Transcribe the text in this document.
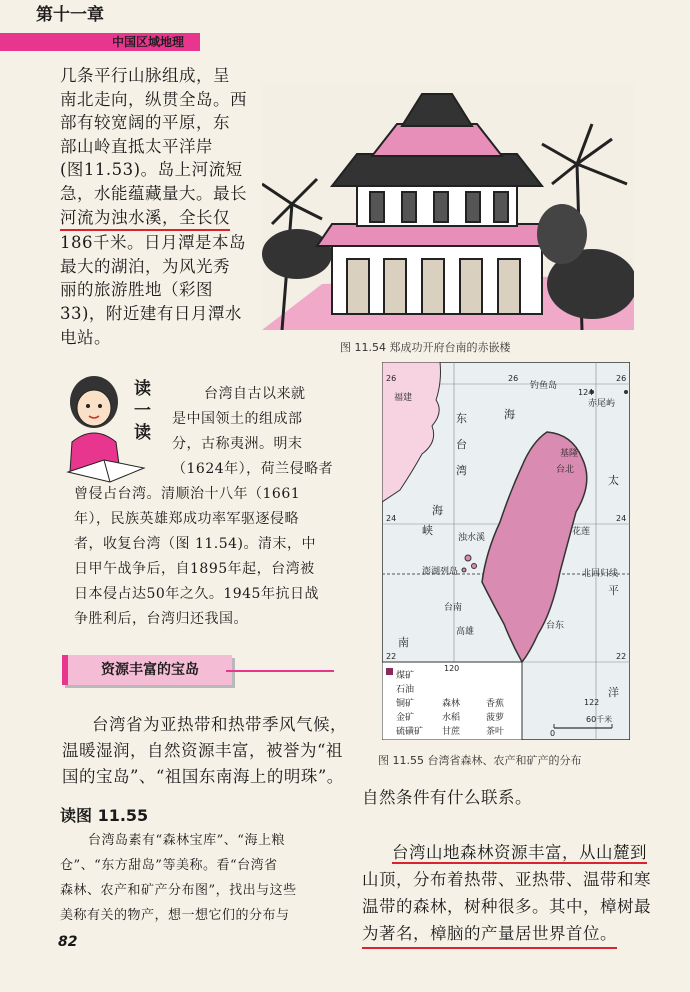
第十一章
中国区域地理
几条平行山脉组成，呈
南北走向，纵贯全岛。西
部有较宽阔的平原，东
部山岭直抵太平洋岸
(图11.53)。岛上河流短
急，水能蕴藏量大。最长
河流为浊水溪，全长仅
186千米。日月潭是本岛
最大的湖泊，为风光秀
丽的旅游胜地（彩图
33)，附近建有日月潭水
电站。
图 11.54 郑成功开府台南的赤嵌楼
读一读
台湾自古以来就
是中国领土的组成部
分，古称夷洲。明末
（1624年），荷兰侵略者
曾侵占台湾。清顺治十八年（1661
年），民族英雄郑成功率军驱逐侵略
者，收复台湾（图 11.54)。清末，中
日甲午战争后，自1895年起，台湾被
日本侵占达50年之久。1945年抗日战
争胜利后，台湾归还我国。
资源丰富的宝岛
台湾省为亚热带和热带季风气候，
温暖湿润，自然资源丰富，被誉为“祖
国的宝岛”、“祖国东南海上的明珠”。
读图 11.55
台湾岛素有“森林宝库”、“海上粮
仓”、“东方甜岛”等美称。看“台湾省
森林、农产和矿产分布图”，找出与这些
美称有关的物产，想一想它们的分布与
福建
钓鱼岛
赤尾屿
基隆
台北
花莲
浊水溪
澎湖列岛
台南
高雄
台东
北回归线
东
台
湾
海
峡
南
海
太
平
洋
26	26	26
124
24	24
22	22
120
122
煤矿
石油
铜矿
金矿
硫磺矿
森林
水稻
甘蔗
香蕉
菠萝
茶叶	0
60千米
图 11.55 台湾省森林、农产和矿产的分布
自然条件有什么联系。
台湾山地森林资源丰富，从山麓到
山顶，分布着热带、亚热带、温带和寒
温带的森林，树种很多。其中，樟树最
为著名，樟脑的产量居世界首位。
82
